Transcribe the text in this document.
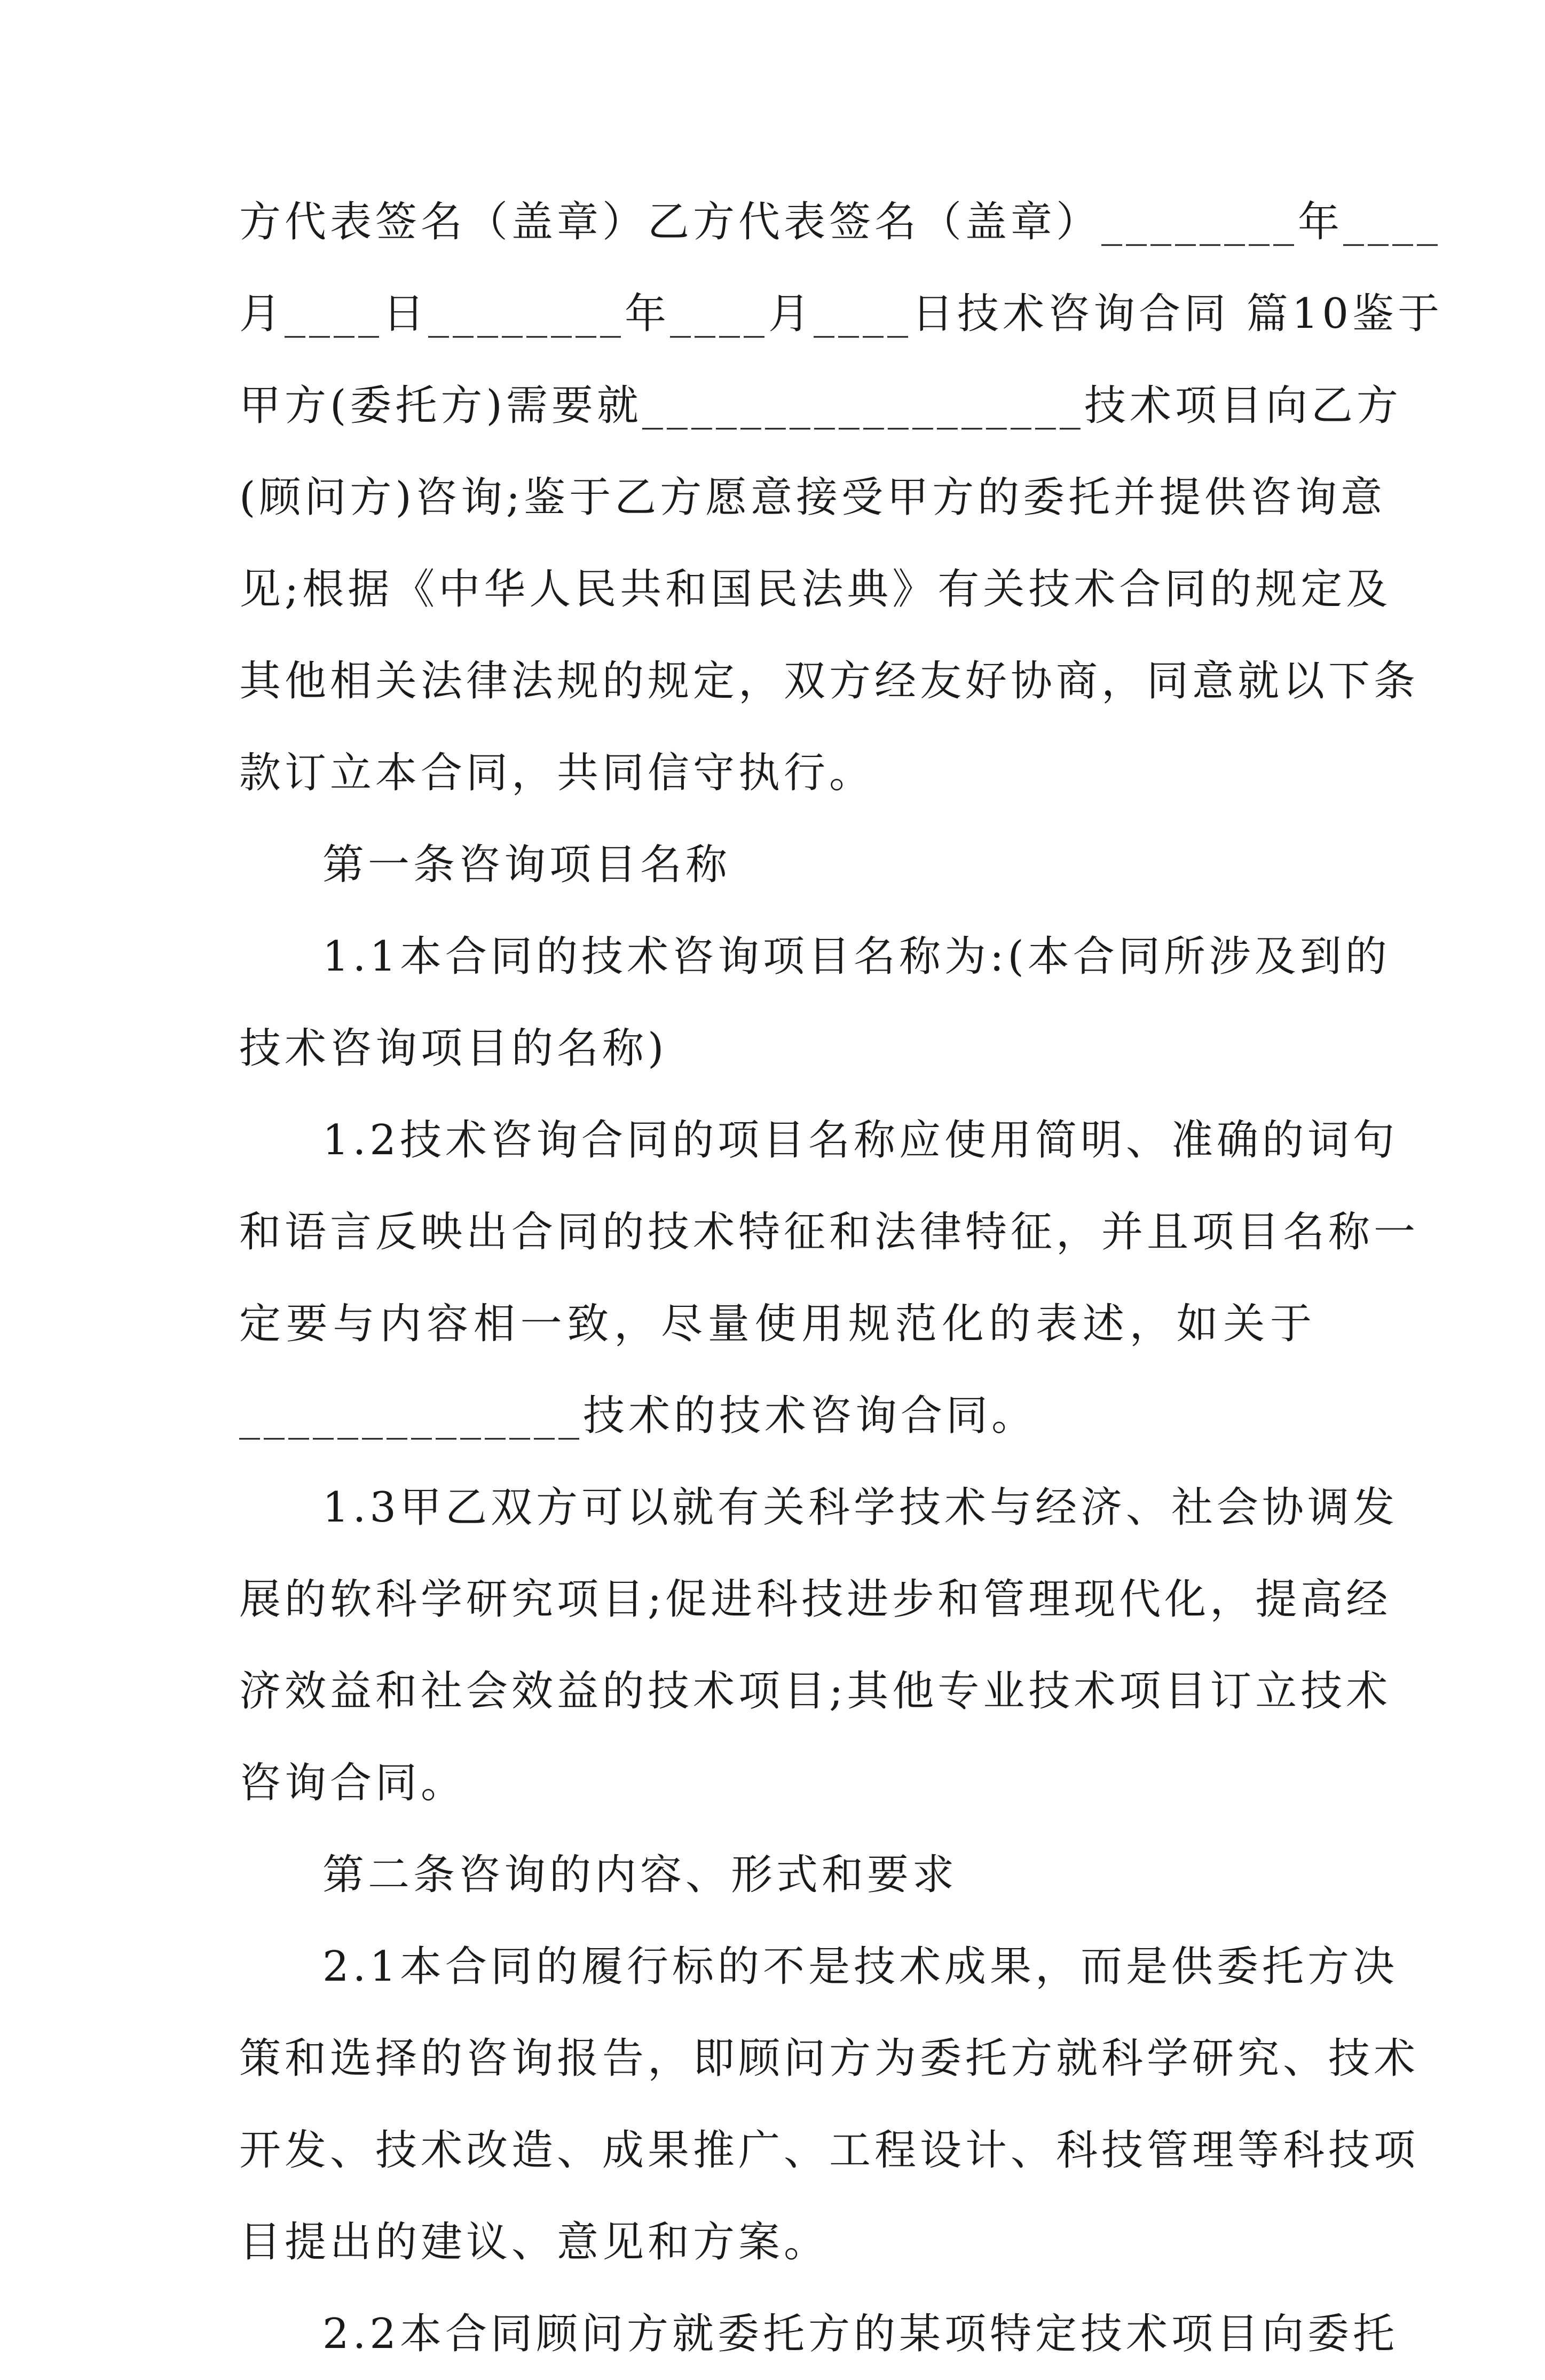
方代表签名（盖章）乙方代表签名（盖章）________年____
月____日________年____月____日技术咨询合同 篇10鉴于
甲方(委托方)需要就__________________技术项目向乙方
(顾问方)咨询;鉴于乙方愿意接受甲方的委托并提供咨询意
见;根据《中华人民共和国民法典》有关技术合同的规定及
其他相关法律法规的规定，双方经友好协商，同意就以下条
款订立本合同，共同信守执行。
第一条咨询项目名称
1.1本合同的技术咨询项目名称为:(本合同所涉及到的
技术咨询项目的名称)
1.2技术咨询合同的项目名称应使用简明、准确的词句
和语言反映出合同的技术特征和法律特征，并且项目名称一
定要与内容相一致，尽量使用规范化的表述，如关于
______________技术的技术咨询合同。
1.3甲乙双方可以就有关科学技术与经济、社会协调发
展的软科学研究项目;促进科技进步和管理现代化，提高经
济效益和社会效益的技术项目;其他专业技术项目订立技术
咨询合同。
第二条咨询的内容、形式和要求
2.1本合同的履行标的不是技术成果，而是供委托方决
策和选择的咨询报告，即顾问方为委托方就科学研究、技术
开发、技术改造、成果推广、工程设计、科技管理等科技项
目提出的建议、意见和方案。
2.2本合同顾问方就委托方的某项特定技术项目向委托
